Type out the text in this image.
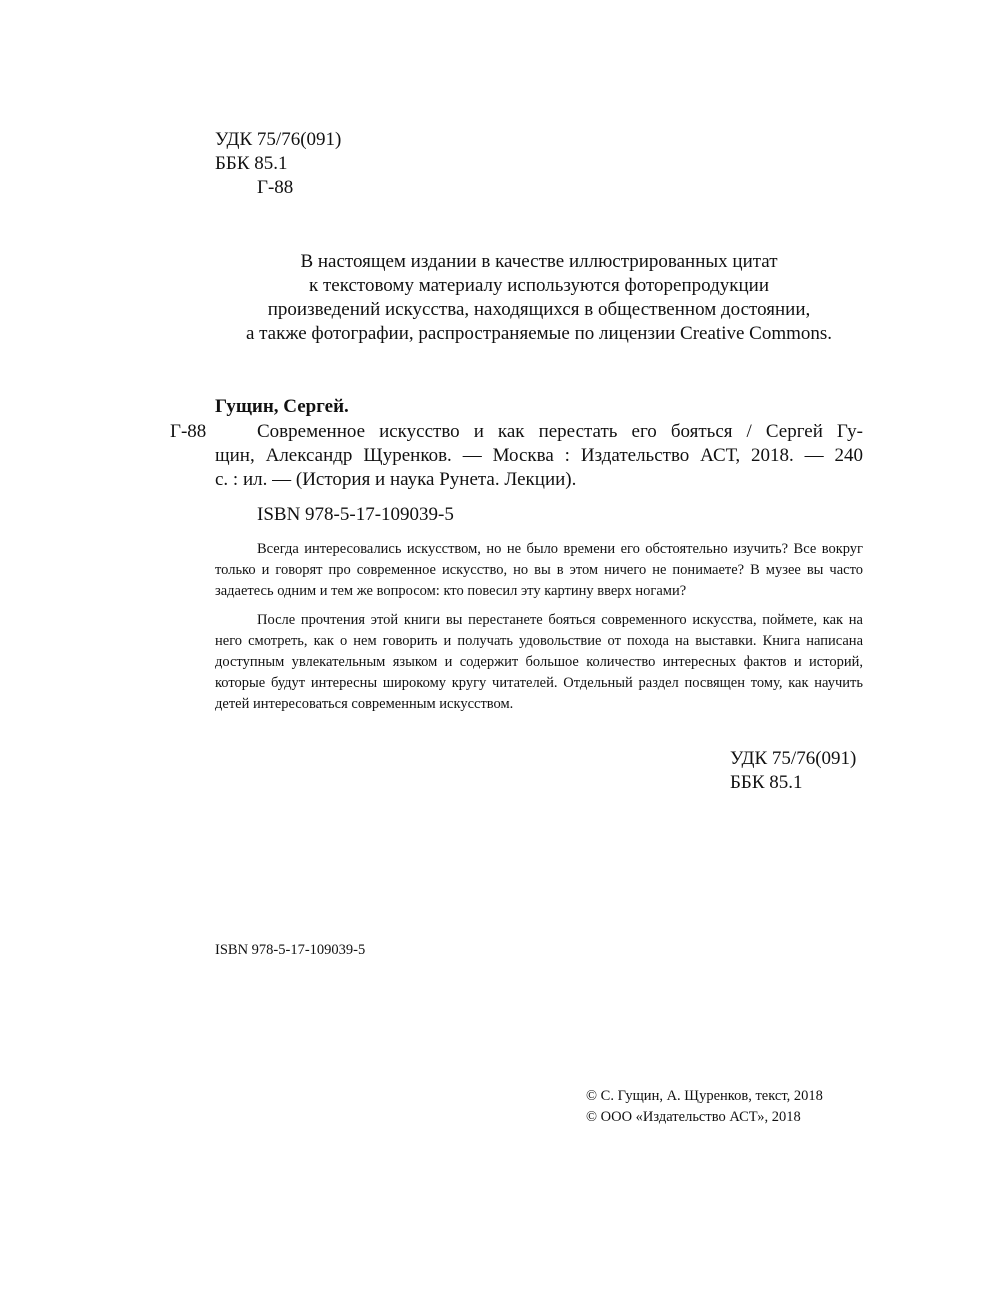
УДК 75/76(091)
ББК 85.1
Г-88
В настоящем издании в качестве иллюстрированных цитат
к текстовому материалу используются фоторепродукции
произведений искусства, находящихся в общественном достоянии,
а также фотографии, распространяемые по лицензии Creative Commons.
Гущин, Сергей.
Г-88	Современное искусство и как перестать его бояться / Сергей Гу-
щин, Александр Щуренков. — Москва : Издательство АСТ, 2018. — 240
с. : ил. — (История и наука Рунета. Лекции).
ISBN 978-5-17-109039-5

Всегда интересовались искусством, но не было времени его обстоятельно изучить? Все вокруг только и говорят про современное искусство, но вы в этом ничего не понимаете? В музее вы часто задаетесь одним и тем же вопросом: кто повесил эту картину вверх ногами?

После прочтения этой книги вы перестанете бояться современного искусства, поймете, как на него смотреть, как о нем говорить и получать удовольствие от похода на выставки. Книга написана доступным увлекательным языком и содержит большое количество интересных фактов и историй, которые будут интересны широкому кругу читателей. Отдельный раздел посвящен тому, как научить детей интересоваться современным искусством.

УДК 75/76(091)
ББК 85.1
ISBN 978-5-17-109039-5
© С. Гущин, А. Щуренков, текст, 2018
© ООО «Издательство АСТ», 2018
